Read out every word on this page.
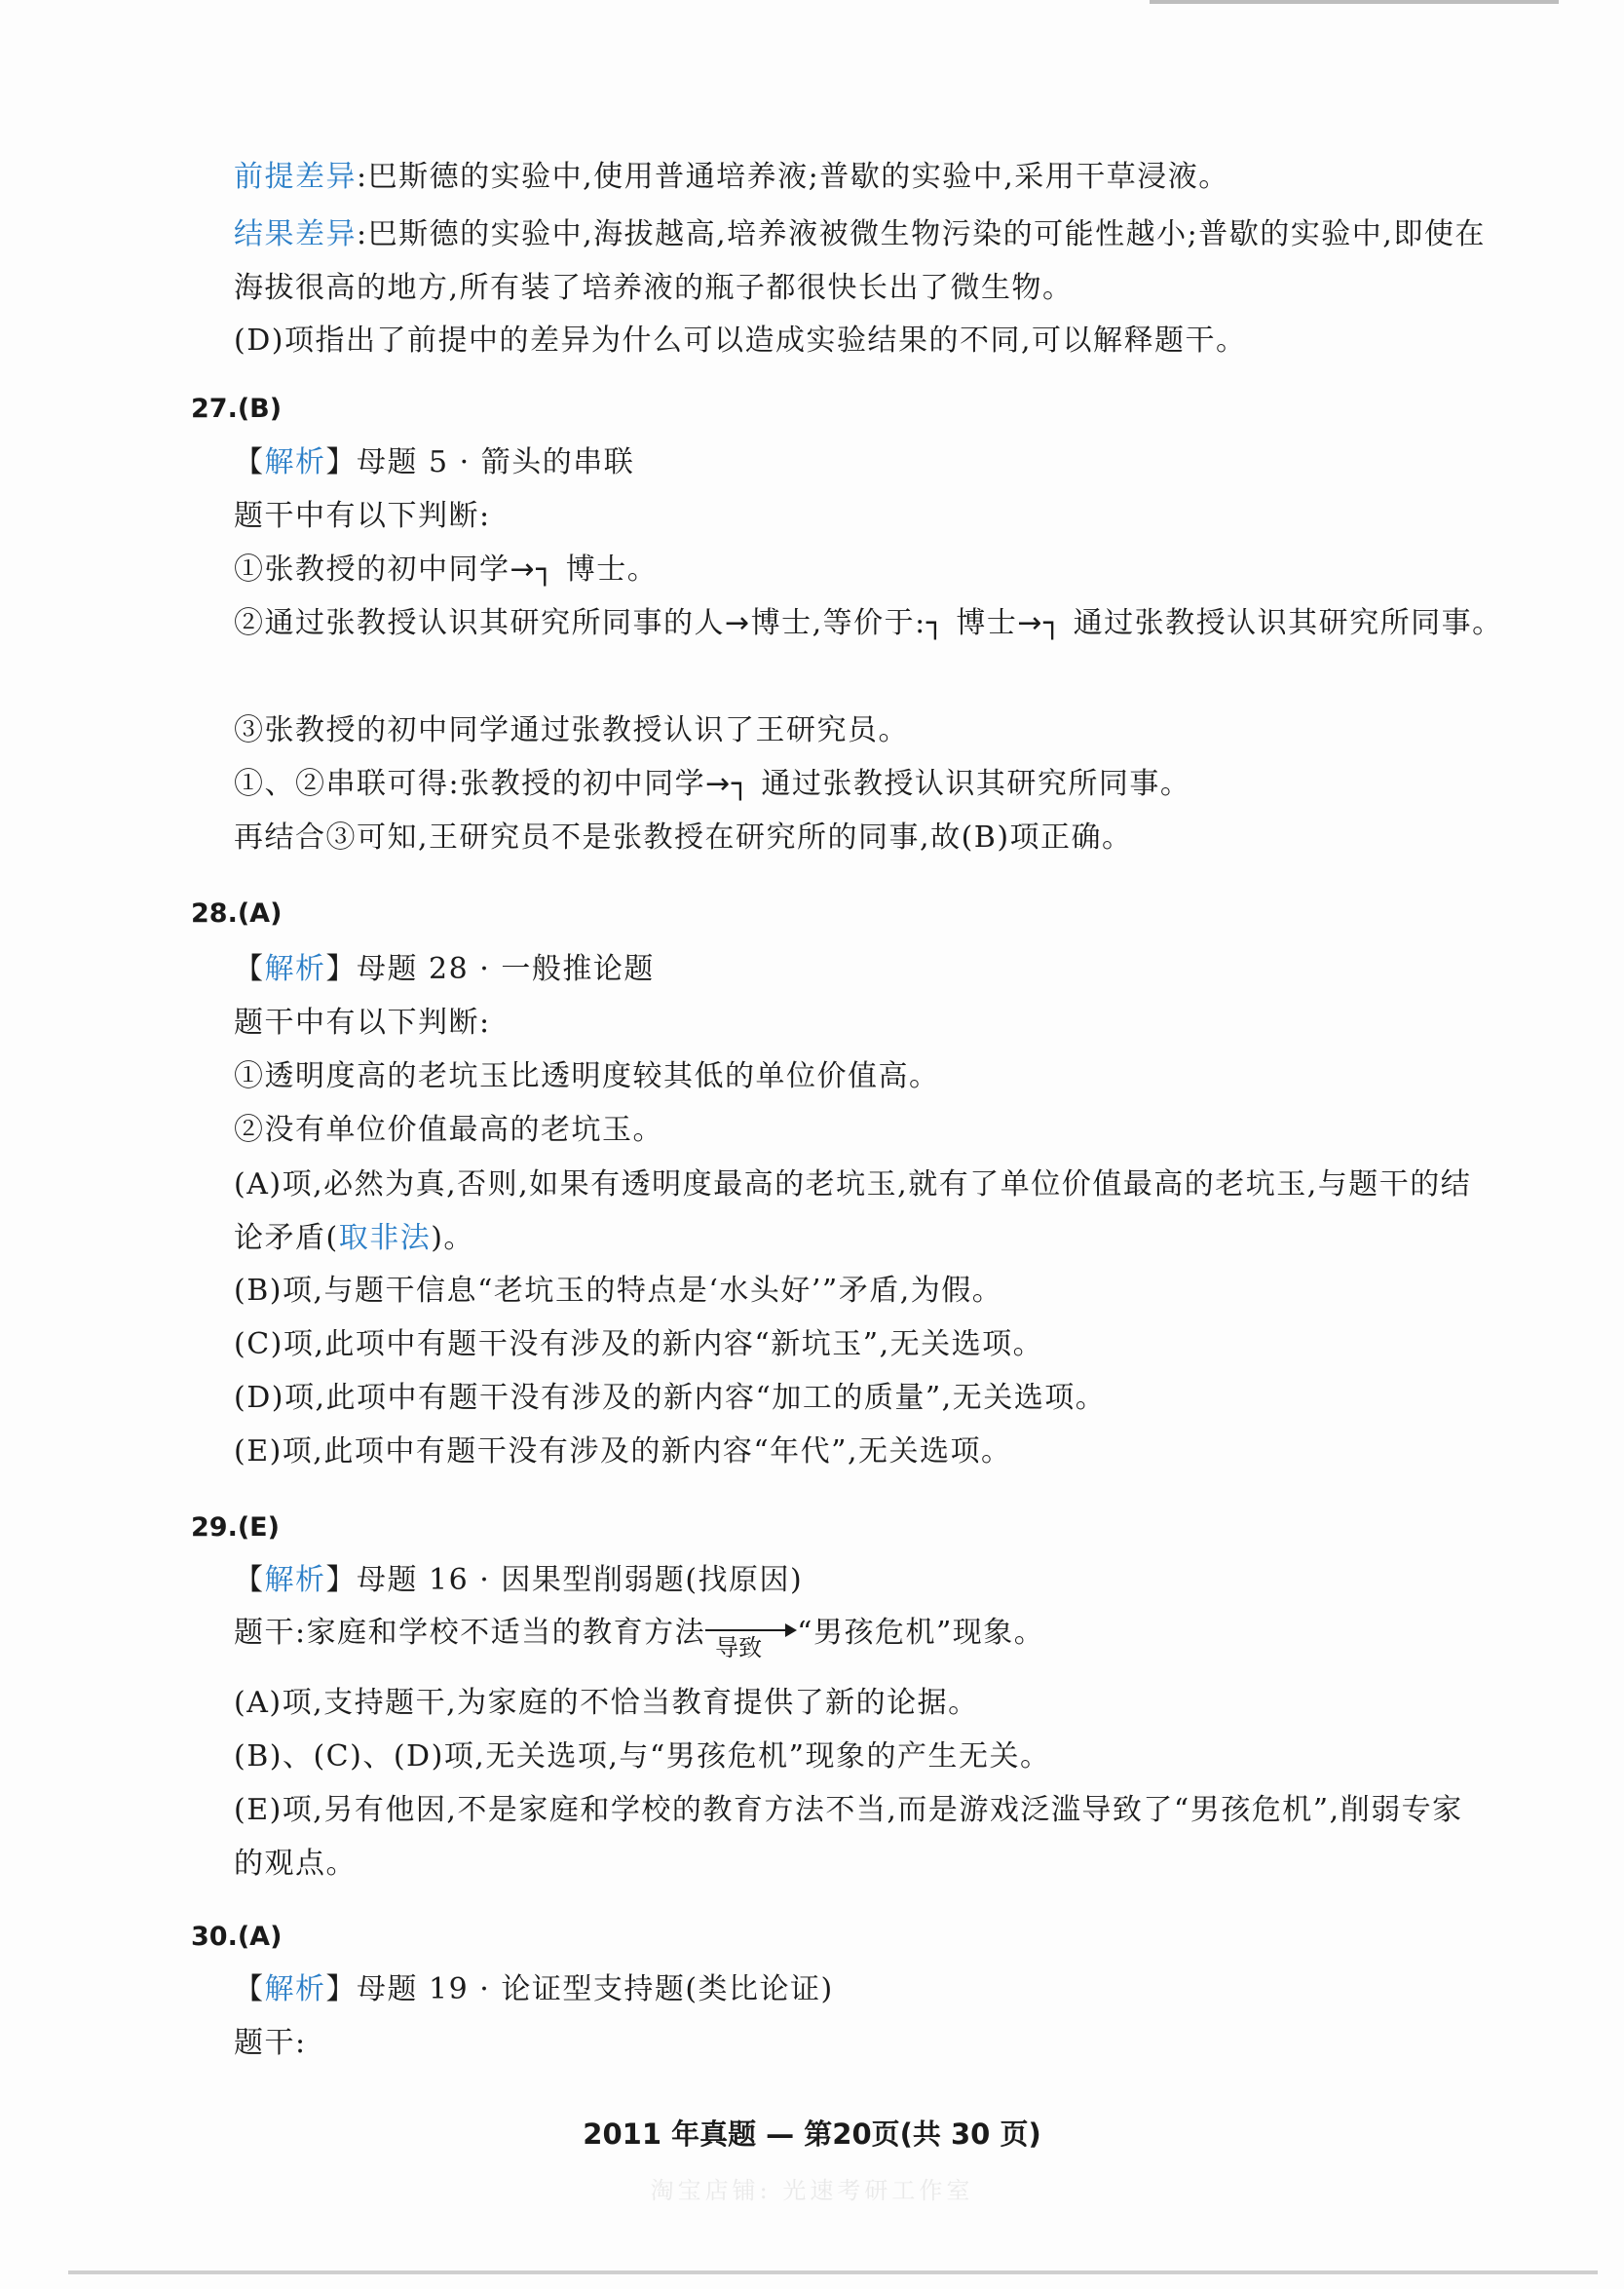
前提差异:巴斯德的实验中,使用普通培养液;普歇的实验中,采用干草浸液。
结果差异:巴斯德的实验中,海拔越高,培养液被微生物污染的可能性越小;普歇的实验中,即使在海拔很高的地方,所有装了培养液的瓶子都很快长出了微生物。
(D)项指出了前提中的差异为什么可以造成实验结果的不同,可以解释题干。
27.(B)
【解析】母题 5 · 箭头的串联
题干中有以下判断:
①张教授的初中同学→┐ 博士。
②通过张教授认识其研究所同事的人→博士,等价于:┐ 博士→┐ 通过张教授认识其研究所同事。
③张教授的初中同学通过张教授认识了王研究员。
①、②串联可得:张教授的初中同学→┐ 通过张教授认识其研究所同事。
再结合③可知,王研究员不是张教授在研究所的同事,故(B)项正确。
28.(A)
【解析】母题 28 · 一般推论题
题干中有以下判断:
①透明度高的老坑玉比透明度较其低的单位价值高。
②没有单位价值最高的老坑玉。
(A)项,必然为真,否则,如果有透明度最高的老坑玉,就有了单位价值最高的老坑玉,与题干的结论矛盾(取非法)。
(B)项,与题干信息“老坑玉的特点是‘水头好’”矛盾,为假。
(C)项,此项中有题干没有涉及的新内容“新坑玉”,无关选项。
(D)项,此项中有题干没有涉及的新内容“加工的质量”,无关选项。
(E)项,此项中有题干没有涉及的新内容“年代”,无关选项。
29.(E)
【解析】母题 16 · 因果型削弱题(找原因)
题干:家庭和学校不适当的教育方法 导致 “男孩危机”现象。
(A)项,支持题干,为家庭的不恰当教育提供了新的论据。
(B)、(C)、(D)项,无关选项,与“男孩危机”现象的产生无关。
(E)项,另有他因,不是家庭和学校的教育方法不当,而是游戏泛滥导致了“男孩危机”,削弱专家的观点。
30.(A)
【解析】母题 19 · 论证型支持题(类比论证)
题干:
2011 年真题 — 第20页(共 30 页)
淘宝店铺: 光速考研工作室
